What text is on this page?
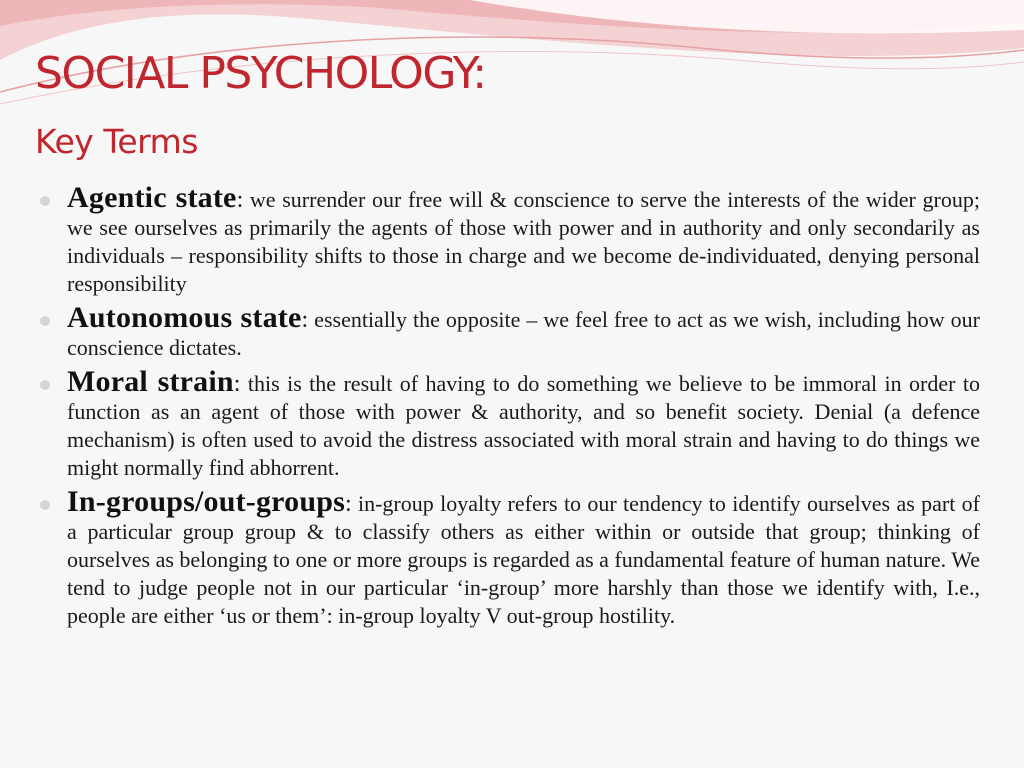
SOCIAL PSYCHOLOGY:
Key Terms
Agentic state: we surrender our free will & conscience to serve the interests of the wider group; we see ourselves as primarily the agents of those with power and in authority and only secondarily as individuals – responsibility shifts to those in charge and we become de-individuated, denying personal responsibility
Autonomous state: essentially the opposite – we feel free to act as we wish, including how our conscience dictates.
Moral strain: this is the result of having to do something we believe to be immoral in order to function as an agent of those with power & authority, and so benefit society. Denial (a defence mechanism) is often used to avoid the distress associated with moral strain and having to do things we might normally find abhorrent.
In-groups/out-groups: in-group loyalty refers to our tendency to identify ourselves as part of a particular group group & to classify others as either within or outside that group; thinking of ourselves as belonging to one or more groups is regarded as a fundamental feature of human nature. We tend to judge people not in our particular ‘in-group’ more harshly than those we identify with, I.e., people are either ‘us or them’: in-group loyalty V out-group hostility.
